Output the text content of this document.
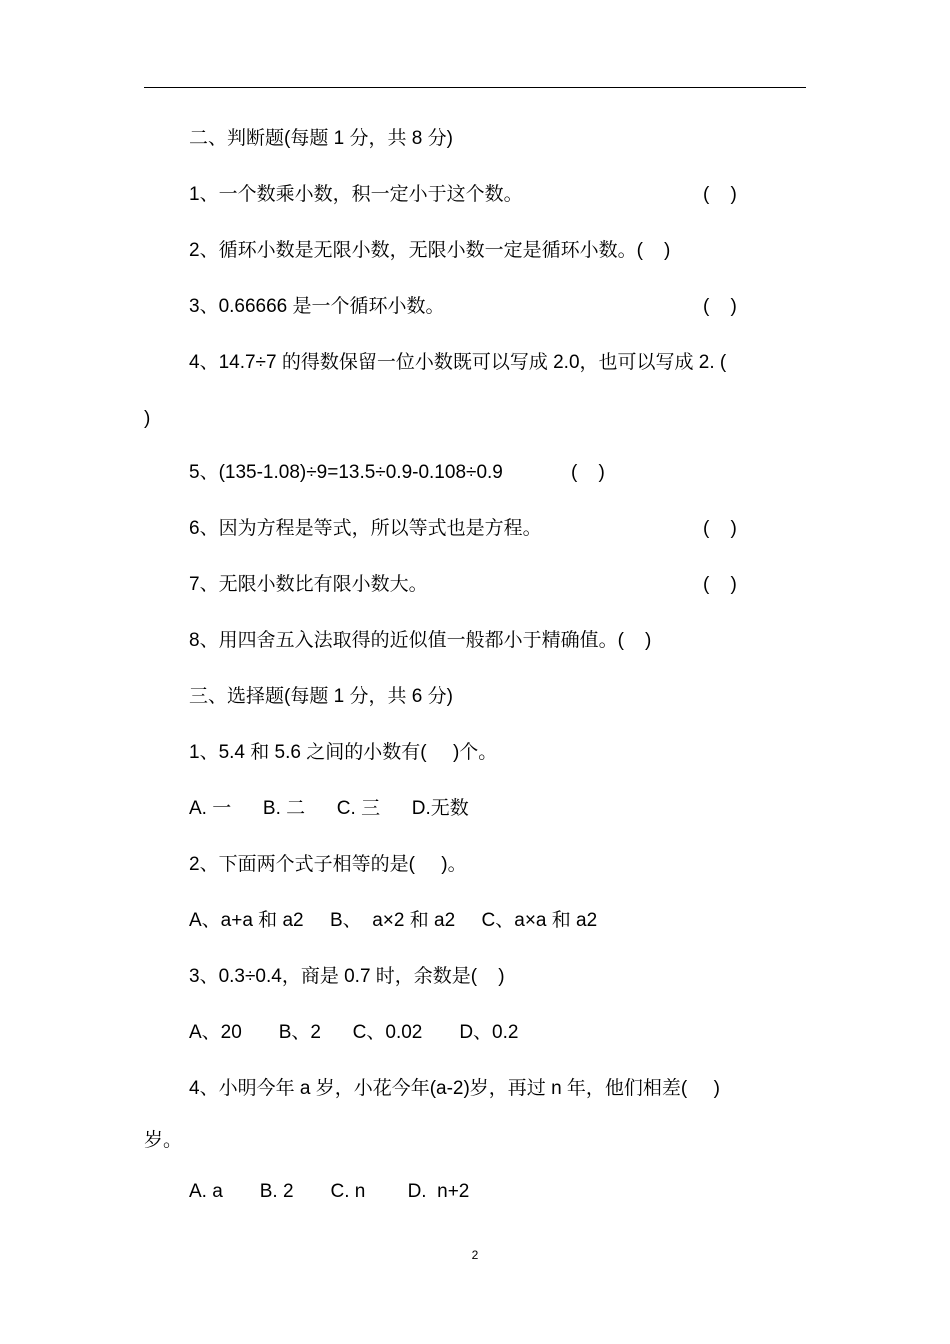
二、判断题(每题 1 分，共 8 分)
1、一个数乘小数，积一定小于这个数。	(    )
2、循环小数是无限小数，无限小数一定是循环小数。(    )
3、0.66666 是一个循环小数。	(    )
4、14.7÷7 的得数保留一位小数既可以写成 2.0，也可以写成 2. (
)
5、(135-1.08)÷9=13.5÷0.9-0.108÷0.9	(    )
6、因为方程是等式，所以等式也是方程。	(    )
7、无限小数比有限小数大。	(    )
8、用四舍五入法取得的近似值一般都小于精确值。(    )
三、选择题(每题 1 分，共 6 分)
1、5.4 和 5.6 之间的小数有(     )个。
A. 一      B. 二      C. 三      D.无数
2、下面两个式子相等的是(     )。
A、a+a 和 a2     B、  a×2 和 a2     C、a×a 和 a2
3、0.3÷0.4，商是 0.7 时，余数是(    )
A、20       B、2      C、0.02       D、0.2
4、小明今年 a 岁，小花今年(a-2)岁，再过 n 年，他们相差(     )
岁。
A. a       B. 2       C. n        D.  n+2
2
